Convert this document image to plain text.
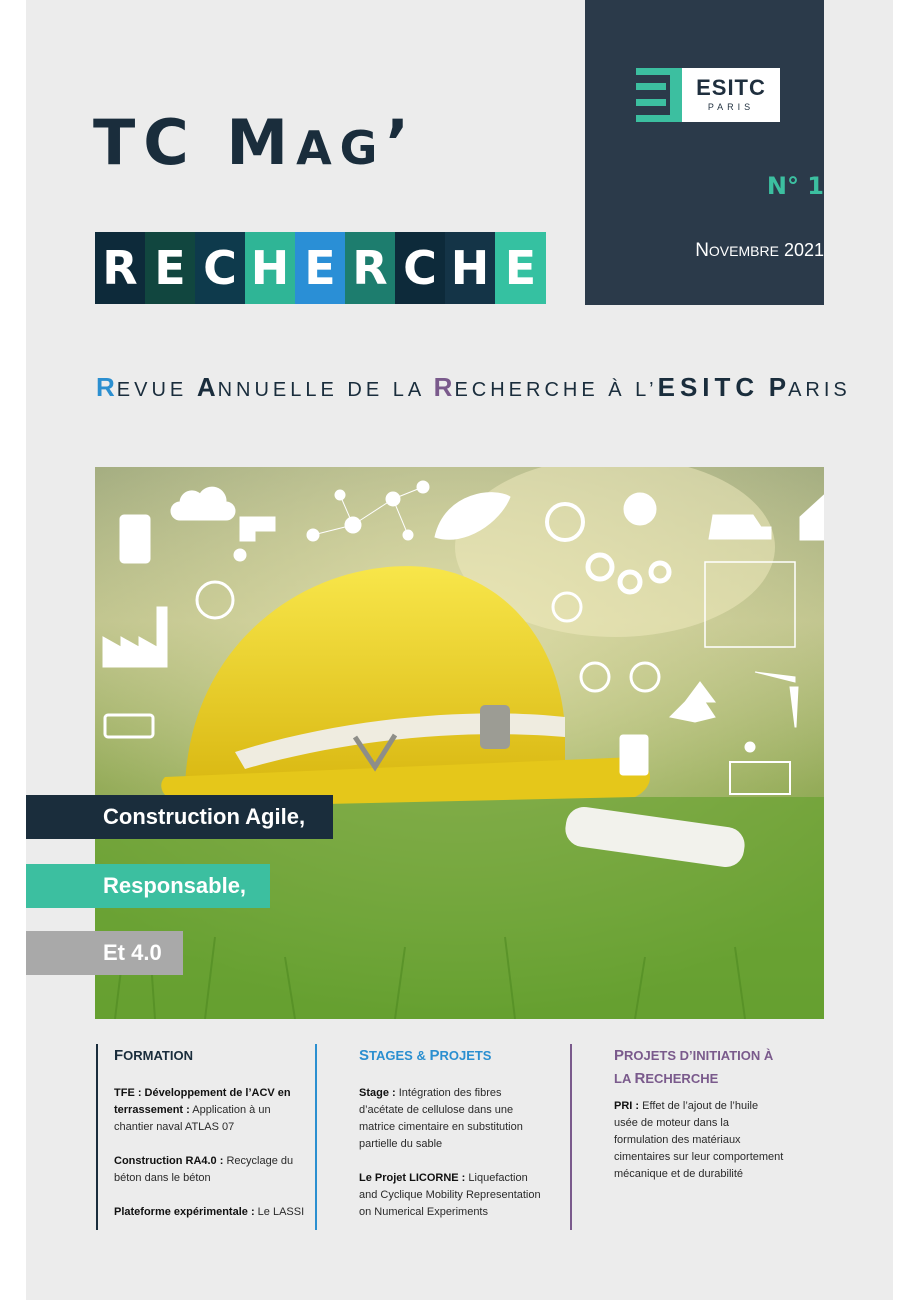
ESITC
PARIS
N° 1
NOVEMBRE 2021
TC MAG’
R E C H E R C H E
REVUE ANNUELLE DE LA RECHERCHE À L’ESITC PARIS
Construction Agile,
Responsable,
Et 4.0
FORMATION

TFE : Développement de l’ACV en terrassement : Application à un chantier naval ATLAS 07

Construction RA4.0 : Recyclage du béton dans le béton

Plateforme expérimentale : Le LASSI

STAGES & PROJETS

Stage : Intégration des fibres d’acétate de cellulose dans une matrice cimentaire en substitution partielle du sable

Le Projet LICORNE : Liquefaction and Cyclique Mobility Representation on Numerical Experiments

PROJETS D’INITIATION À LA RECHERCHE

PRI : Effet de l’ajout de l’huile usée de moteur dans la formulation des matériaux cimentaires sur leur comportement mécanique et de durabilité
